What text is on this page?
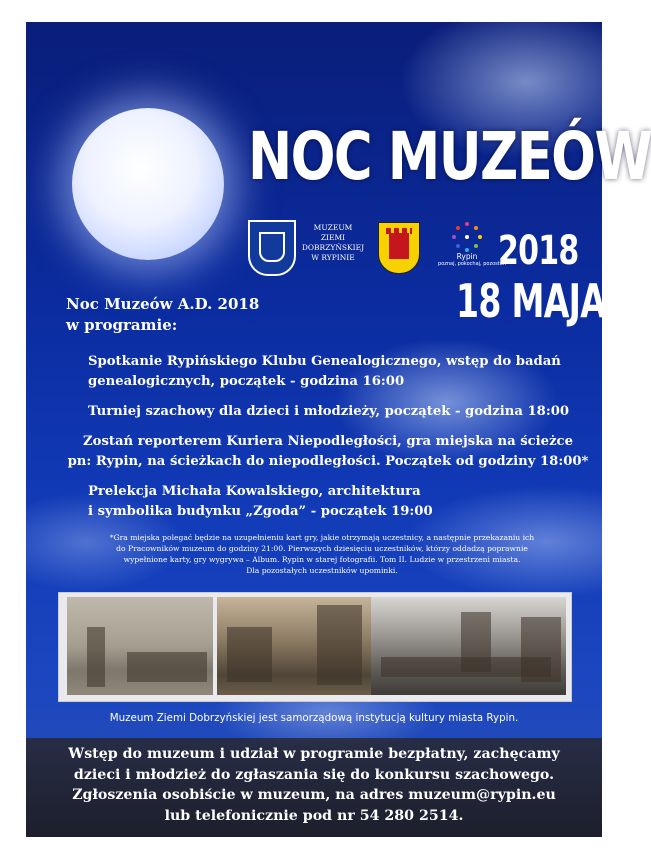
NOC MUZEÓW
MUZEUM
ZIEMI
DOBRZYŃSKIEJ
W RYPINIE	Rypin
poznaj, pokochaj, pozostań
2018
18 MAJA
Noc Muzeów A.D. 2018
w programie:
Spotkanie Rypińskiego Klubu Genealogicznego, wstęp do badań
genealogicznych, początek - godzina 16:00
Turniej szachowy dla dzieci i młodzieży, początek - godzina 18:00
Zostań reporterem Kuriera Niepodległości, gra miejska na ścieżce
pn: Rypin, na ścieżkach do niepodległości. Początek od godziny 18:00*
Prelekcja Michała Kowalskiego, architektura
i symbolika budynku „Zgoda” - początek 19:00
*Gra miejska polegać będzie na uzupełnieniu kart gry, jakie otrzymają uczestnicy, a następnie przekazaniu ich
do Pracowników muzeum do godziny 21:00. Pierwszych dziesięciu uczestników, którzy oddadzą poprawnie
wypełnione karty, gry wygrywa – Album. Rypin w starej fotografii. Tom II. Ludzie w przestrzeni miasta.
Dla pozostałych uczestników upominki.
Muzeum Ziemi Dobrzyńskiej jest samorządową instytucją kultury miasta Rypin.
Wstęp do muzeum i udział w programie bezpłatny, zachęcamy
dzieci i młodzież do zgłaszania się do konkursu szachowego.
Zgłoszenia osobiście w muzeum, na adres muzeum@rypin.eu
lub telefonicznie pod nr 54 280 2514.
